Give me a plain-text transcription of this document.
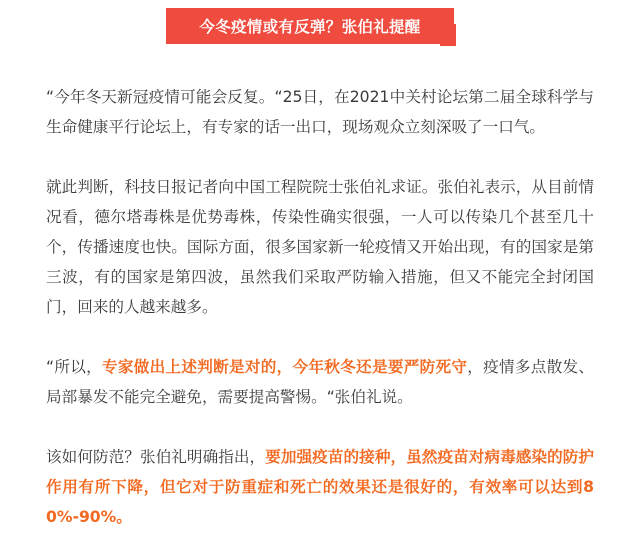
今冬疫情或有反弹？张伯礼提醒

“今年冬天新冠疫情可能会反复。“25日，在2021中关村论坛第二届全球科学与生命健康平行论坛上，有专家的话一出口，现场观众立刻深吸了一口气。

就此判断，科技日报记者向中国工程院院士张伯礼求证。张伯礼表示，从目前情况看，德尔塔毒株是优势毒株，传染性确实很强，一人可以传染几个甚至几十个，传播速度也快。国际方面，很多国家新一轮疫情又开始出现，有的国家是第三波，有的国家是第四波，虽然我们采取严防输入措施，但又不能完全封闭国门，回来的人越来越多。

“所以，专家做出上述判断是对的，今年秋冬还是要严防死守，疫情多点散发、局部暴发不能完全避免，需要提高警惕。“张伯礼说。

该如何防范？张伯礼明确指出，要加强疫苗的接种，虽然疫苗对病毒感染的防护作用有所下降，但它对于防重症和死亡的效果还是很好的，有效率可以达到80%-90%。
